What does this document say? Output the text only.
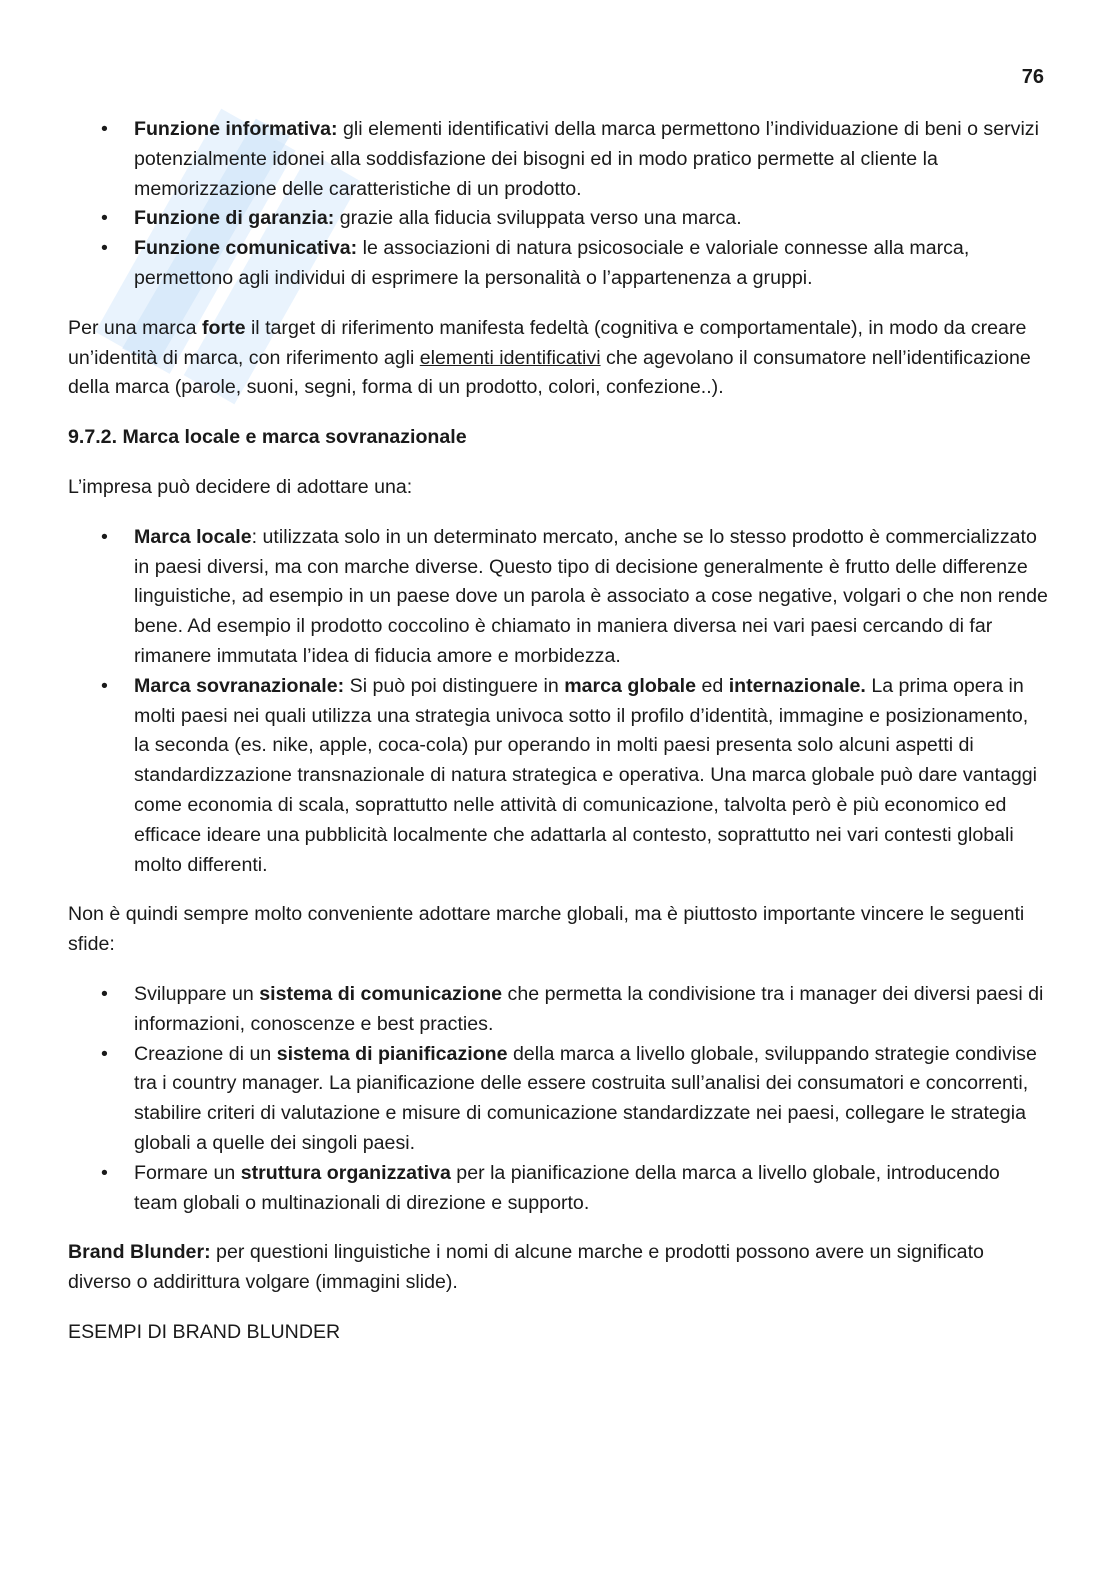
76
• Funzione informativa: gli elementi identificativi della marca permettono l’individuazione di beni o servizi potenzialmente idonei alla soddisfazione dei bisogni ed in modo pratico permette al cliente la memorizzazione delle caratteristiche di un prodotto.
• Funzione di garanzia: grazie alla fiducia sviluppata verso una marca.
• Funzione comunicativa: le associazioni di natura psicosociale e valoriale connesse alla marca, permettono agli individui di esprimere la personalità o l’appartenenza a gruppi.

Per una marca forte il target di riferimento manifesta fedeltà (cognitiva e comportamentale), in modo da creare un’identità di marca, con riferimento agli elementi identificativi che agevolano il consumatore nell’identificazione della marca (parole, suoni, segni, forma di un prodotto, colori, confezione..).

9.7.2. Marca locale e marca sovranazionale

L’impresa può decidere di adottare una:

• Marca locale: utilizzata solo in un determinato mercato, anche se lo stesso prodotto è commercializzato in paesi diversi, ma con marche diverse. Questo tipo di decisione generalmente è frutto delle differenze linguistiche, ad esempio in un paese dove un parola è associato a cose negative, volgari o che non rende bene. Ad esempio il prodotto coccolino è chiamato in maniera diversa nei vari paesi cercando di far rimanere immutata l’idea di fiducia amore e morbidezza.
• Marca sovranazionale: Si può poi distinguere in marca globale ed internazionale. La prima opera in molti paesi nei quali utilizza una strategia univoca sotto il profilo d’identità, immagine e posizionamento, la seconda (es. nike, apple, coca-cola) pur operando in molti paesi presenta solo alcuni aspetti di standardizzazione transnazionale di natura strategica e operativa. Una marca globale può dare vantaggi come economia di scala, soprattutto nelle attività di comunicazione, talvolta però è più economico ed efficace ideare una pubblicità localmente che adattarla al contesto, soprattutto nei vari contesti globali molto differenti.

Non è quindi sempre molto conveniente adottare marche globali, ma è piuttosto importante vincere le seguenti sfide:

• Sviluppare un sistema di comunicazione che permetta la condivisione tra i manager dei diversi paesi di informazioni, conoscenze e best practies.
• Creazione di un sistema di pianificazione della marca a livello globale, sviluppando strategie condivise tra i country manager. La pianificazione delle essere costruita sull’analisi dei consumatori e concorrenti, stabilire criteri di valutazione e misure di comunicazione standardizzate nei paesi, collegare le strategia globali a quelle dei singoli paesi.
• Formare un struttura organizzativa per la pianificazione della marca a livello globale, introducendo team globali o multinazionali di direzione e supporto.

Brand Blunder: per questioni linguistiche i nomi di alcune marche e prodotti possono avere un significato diverso o addirittura volgare (immagini slide).

ESEMPI DI BRAND BLUNDER
